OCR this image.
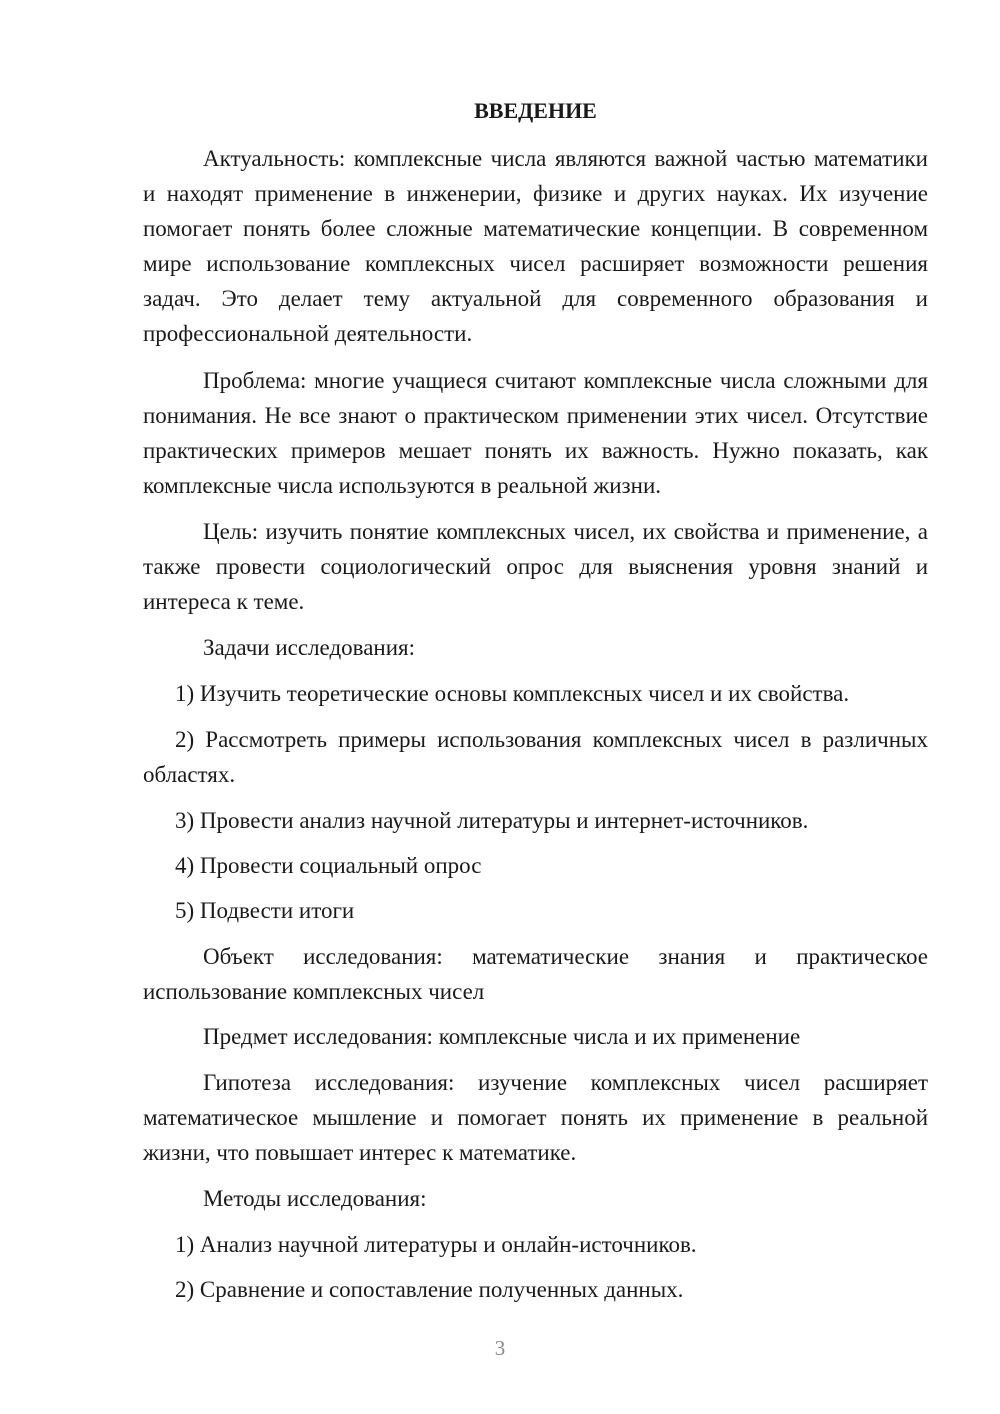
ВВЕДЕНИЕ

Актуальность: комплексные числа являются важной частью математики и находят применение в инженерии, физике и других науках. Их изучение помогает понять более сложные математические концепции. В современном мире использование комплексных чисел расширяет возможности решения задач. Это делает тему актуальной для современного образования и профессиональной деятельности.

Проблема: многие учащиеся считают комплексные числа сложными для понимания. Не все знают о практическом применении этих чисел. Отсутствие практических примеров мешает понять их важность. Нужно показать, как комплексные числа используются в реальной жизни.

Цель: изучить понятие комплексных чисел, их свойства и применение, а также провести социологический опрос для выяснения уровня знаний и интереса к теме.

Задачи исследования:

1) Изучить теоретические основы комплексных чисел и их свойства.

2) Рассмотреть примеры использования комплексных чисел в различных областях.

3) Провести анализ научной литературы и интернет-источников.

4) Провести социальный опрос

5) Подвести итоги

Объект исследования: математические знания и практическое использование комплексных чисел

Предмет исследования: комплексные числа и их применение

Гипотеза исследования: изучение комплексных чисел расширяет математическое мышление и помогает понять их применение в реальной жизни, что повышает интерес к математике.

Методы исследования:

1) Анализ научной литературы и онлайн-источников.

2) Сравнение и сопоставление полученных данных.

3
